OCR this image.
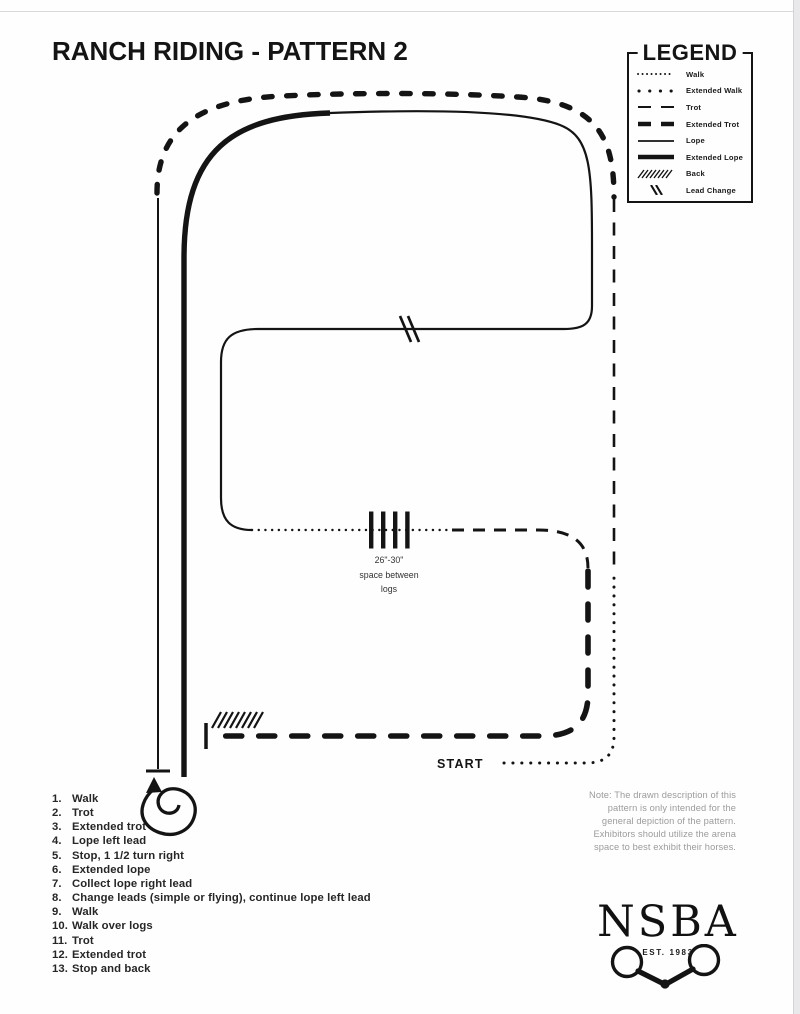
RANCH RIDING - PATTERN 2	LEGEND
Walk
Extended Walk
Trot
Extended Trot
Lope
Extended Lope
Back
Lead Change
START
26"-30"
space between
logs
1. Walk
2. Trot
3. Extended trot
4. Lope left lead
5. Stop, 1 1/2 turn right
6. Extended lope
7. Collect lope right lead
8. Change leads (simple or flying), continue lope left lead
9. Walk
10. Walk over logs
11. Trot
12. Extended trot
13. Stop and back
Note: The drawn description of this
pattern is only intended for the
general depiction of the pattern.
Exhibitors should utilize the arena
space to best exhibit their horses.
NSBA
EST. 1983
